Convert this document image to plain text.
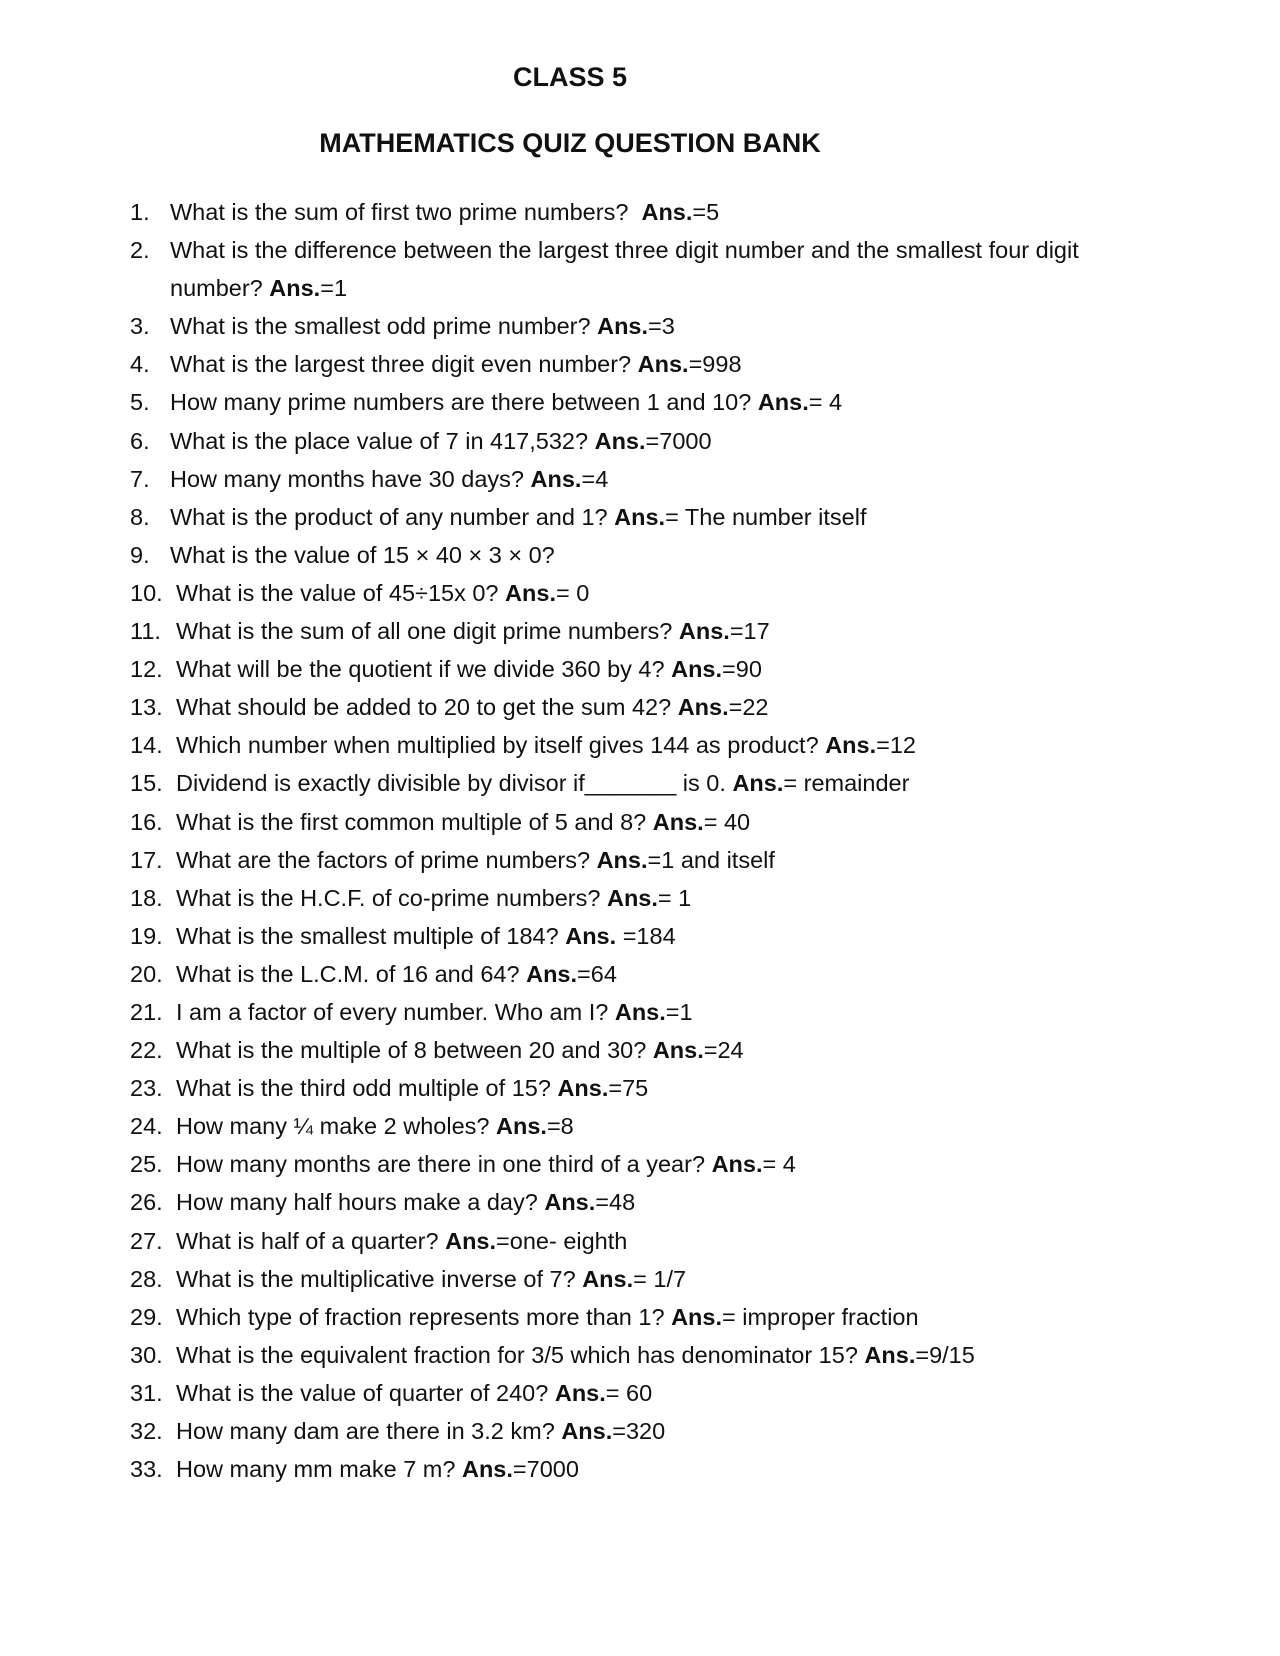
CLASS 5
MATHEMATICS QUIZ QUESTION BANK
1. What is the sum of first two prime numbers?  Ans.=5
2. What is the difference between the largest three digit number and the smallest four digit number? Ans.=1
3. What is the smallest odd prime number? Ans.=3
4. What is the largest three digit even number? Ans.=998
5. How many prime numbers are there between 1 and 10? Ans.= 4
6. What is the place value of 7 in 417,532? Ans.=7000
7. How many months have 30 days? Ans.=4
8. What is the product of any number and 1? Ans.= The number itself
9. What is the value of 15 × 40 × 3 × 0?
10. What is the value of 45÷15x 0? Ans.= 0
11. What is the sum of all one digit prime numbers? Ans.=17
12. What will be the quotient if we divide 360 by 4? Ans.=90
13. What should be added to 20 to get the sum 42? Ans.=22
14. Which number when multiplied by itself gives 144 as product? Ans.=12
15. Dividend is exactly divisible by divisor if_______ is 0. Ans.= remainder
16. What is the first common multiple of 5 and 8? Ans.= 40
17. What are the factors of prime numbers? Ans.=1 and itself
18. What is the H.C.F. of co-prime numbers? Ans.= 1
19. What is the smallest multiple of 184? Ans. =184
20. What is the L.C.M. of 16 and 64? Ans.=64
21. I am a factor of every number. Who am I? Ans.=1
22. What is the multiple of 8 between 20 and 30? Ans.=24
23. What is the third odd multiple of 15? Ans.=75
24. How many ¼ make 2 wholes? Ans.=8
25. How many months are there in one third of a year? Ans.= 4
26. How many half hours make a day? Ans.=48
27. What is half of a quarter? Ans.=one- eighth
28. What is the multiplicative inverse of 7? Ans.= 1/7
29. Which type of fraction represents more than 1? Ans.= improper fraction
30. What is the equivalent fraction for 3/5 which has denominator 15? Ans.=9/15
31. What is the value of quarter of 240? Ans.= 60
32. How many dam are there in 3.2 km? Ans.=320
33. How many mm make 7 m? Ans.=7000
